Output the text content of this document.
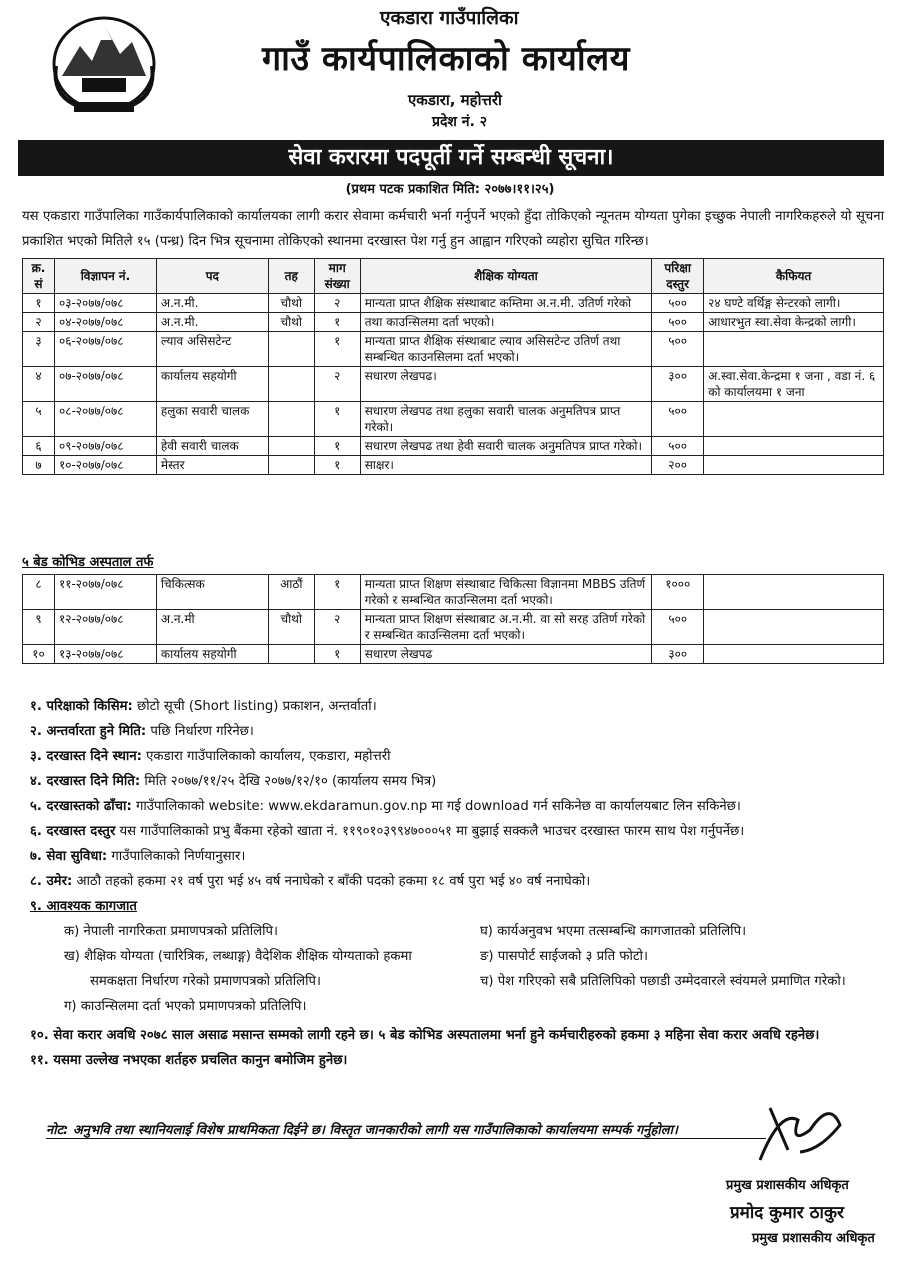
एकडारा गाउँपालिका
गाउँ कार्यपालिकाको कार्यालय
एकडारा, महोत्तरी
प्रदेश नं. २
सेवा करारमा पदपूर्ती गर्ने सम्बन्धी सूचना।
(प्रथम पटक प्रकाशित मिति: २०७७।११।२५)
यस एकडारा गाउँपालिका गाउँकार्यपालिकाको कार्यालयका लागी करार सेवामा कर्मचारी भर्ना गर्नुपर्ने भएको हुँदा तोकिएको न्यूनतम योग्यता पुगेका इच्छुक नेपाली नागरिकहरुले यो सूचना प्रकाशित भएको मितिले १५ (पन्ध्र) दिन भित्र सूचनामा तोकिएको स्थानमा दरखास्त पेश गर्नु हुन आह्वान गरिएको व्यहोरा सुचित गरिन्छ।
क्र. सं	विज्ञापन नं.	पद	तह	माग संख्या	शैक्षिक योग्यता	परिक्षा दस्तुर	कैफियत
१	०३-२०७७/०७८	अ.न.मी.	चौथो	२	मान्यता प्राप्त शैक्षिक संस्थाबाट कम्तिमा अ.न.मी. उतिर्ण गरेको	५००	२४ घण्टे वर्थिङ्ग सेन्टरको लागी।
२	०४-२०७७/०७८	अ.न.मी.	चौथो	१	तथा काउन्सिलमा दर्ता भएको।	५००	आधारभुत स्वा.सेवा केन्द्रको लागी।
३	०६-२०७७/०७८	ल्याव असिसटेन्ट		१	मान्यता प्राप्त शैक्षिक संस्थाबाट ल्याव असिसटेन्ट उतिर्ण तथा सम्बन्धित काउनसिलमा दर्ता भएको।	५००	
४	०७-२०७७/०७८	कार्यालय सहयोगी		२	सधारण लेखपढ।	३००	अ.स्वा.सेवा.केन्द्रमा १ जना , वडा नं. ६ को कार्यालयमा १ जना
५	०८-२०७७/०७८	हलुका सवारी चालक		१	सधारण लेखपढ तथा हलुका सवारी चालक अनुमतिपत्र प्राप्त गरेको।	५००	
६	०९-२०७७/०७८	हेवी सवारी चालक		१	सधारण लेखपढ तथा हेवी सवारी चालक अनुमतिपत्र प्राप्त गरेको।	५००	
७	१०-२०७७/०७८	मेस्तर		१	साक्षर।	२००	
५ बेड कोभिड अस्पताल तर्फ
८	११-२०७७/०७८	चिकित्सक	आठौं	१	मान्यता प्राप्त शिक्षण संस्थाबाट चिकित्सा विज्ञानमा MBBS उतिर्ण गरेको र सम्बन्धित काउन्सिलमा दर्ता भएको।	१०००	
९	१२-२०७७/०७८	अ.न.मी	चौथो	२	मान्यता प्राप्त शिक्षण संस्थाबाट अ.न.मी. वा सो सरह उतिर्ण गरेको र सम्बन्धित काउन्सिलमा दर्ता भएको।	५००	
१०	१३-२०७७/०७८	कार्यालय सहयोगी		१	सधारण लेखपढ	३००	
१. परिक्षाको किसिम: छोटो सूची (Short listing) प्रकाशन, अन्तर्वार्ता।
२. अन्तर्वारता हुने मिति: पछि निर्धारण गरिनेछ।
३. दरखास्त दिने स्थान: एकडारा गाउँपालिकाको कार्यालय, एकडारा, महोत्तरी
४. दरखास्त दिने मिति: मिति २०७७/११/२५ देखि २०७७/१२/१० (कार्यालय समय भित्र)
५. दरखास्तको ढाँचा: गाउँपालिकाको website: www.ekdaramun.gov.np मा गई download गर्न सकिनेछ वा कार्यालयबाट लिन सकिनेछ।
६. दरखास्त दस्तुर यस गाउँपालिकाको प्रभु बैंकमा रहेको खाता नं. ११९०१०३९९४७०००५१ मा बुझाई सक्कलै भाउचर दरखास्त फारम साथ पेश गर्नुपर्नेछ।
७. सेवा सुविधा: गाउँपालिकाको निर्णयानुसार।
८. उमेर: आठौ तहको हकमा २१ वर्ष पुरा भई ४५ वर्ष ननाघेको र बाँकी पदको हकमा १८ वर्ष पुरा भई ४० वर्ष ननाघेको।
९. आवश्यक कागजात
क) नेपाली नागरिकता प्रमाणपत्रको प्रतिलिपि।
ख) शैक्षिक योग्यता (चारित्रिक, लब्धाङ्ग) वैदेशिक शैक्षिक योग्यताको हकमा
समकक्षता निर्धारण गरेको प्रमाणपत्रको प्रतिलिपि।
ग) काउन्सिलमा दर्ता भएको प्रमाणपत्रको प्रतिलिपि।
घ) कार्यअनुवभ भएमा तत्सम्बन्धि कागजातको प्रतिलिपि।
ङ) पासपोर्ट साईजको ३ प्रति फोटो।
च) पेश गरिएको सबै प्रतिलिपिको पछाडी उम्मेदवारले स्वंयमले प्रमाणित गरेको।
१०. सेवा करार अवधि २०७८ साल असाढ मसान्त सम्मको लागी रहने छ। ५ बेड कोभिड अस्पतालमा भर्ना हुने कर्मचारीहरुको हकमा ३ महिना सेवा करार अवधि रहनेछ।
११. यसमा उल्लेख नभएका शर्तहरु प्रचलित कानुन बमोजिम हुनेछ।
नोट: अनुभवि तथा स्थानियलाई विशेष प्राथमिकता दिईने छ। विस्तृत जानकारीको लागी यस गाउँपालिकाको कार्यालयमा सम्पर्क गर्नुहोला।
प्रमुख प्रशासकीय अधिकृत
प्रमोद कुमार ठाकुर
प्रमुख प्रशासकीय अधिकृत
